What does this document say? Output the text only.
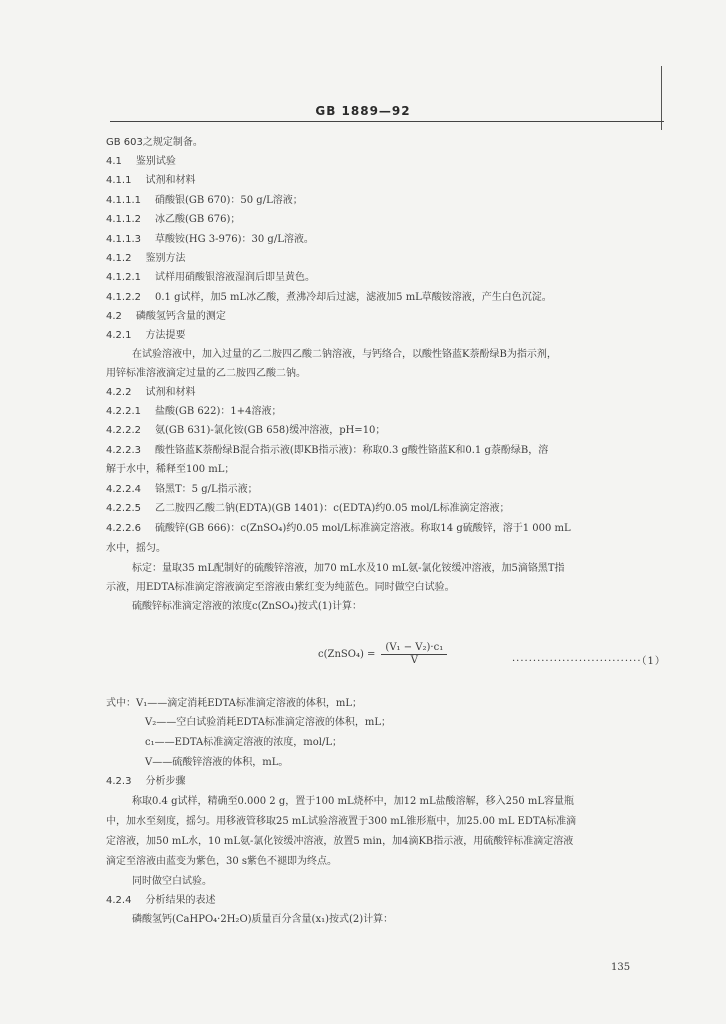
GB 1889—92
GB 603之规定制备。
4.1 鉴别试验
4.1.1 试剂和材料
4.1.1.1 硝酸银(GB 670)：50 g/L溶液；
4.1.1.2 冰乙酸(GB 676)；
4.1.1.3 草酸铵(HG 3-976)：30 g/L溶液。
4.1.2 鉴别方法
4.1.2.1 试样用硝酸银溶液湿润后即呈黄色。
4.1.2.2 0.1 g试样，加5 mL冰乙酸，煮沸冷却后过滤，滤液加5 mL草酸铵溶液，产生白色沉淀。
4.2 磷酸氢钙含量的测定
4.2.1 方法提要
在试验溶液中，加入过量的乙二胺四乙酸二钠溶液，与钙络合，以酸性铬蓝K萘酚绿B为指示剂，
用锌标准溶液滴定过量的乙二胺四乙酸二钠。
4.2.2 试剂和材料
4.2.2.1 盐酸(GB 622)：1+4溶液；
4.2.2.2 氨(GB 631)-氯化铵(GB 658)缓冲溶液，pH=10；
4.2.2.3 酸性铬蓝K萘酚绿B混合指示液(即KB指示液)：称取0.3 g酸性铬蓝K和0.1 g萘酚绿B，溶
解于水中，稀释至100 mL；
4.2.2.4 铬黑T：5 g/L指示液；
4.2.2.5 乙二胺四乙酸二钠(EDTA)(GB 1401)：c(EDTA)约0.05 mol/L标准滴定溶液；
4.2.2.6 硫酸锌(GB 666)：c(ZnSO₄)约0.05 mol/L标准滴定溶液。称取14 g硫酸锌，溶于1 000 mL
水中，摇匀。
标定：量取35 mL配制好的硫酸锌溶液，加70 mL水及10 mL氨-氯化铵缓冲溶液，加5滴铬黑T指
示液，用EDTA标准滴定溶液滴定至溶液由紫红变为纯蓝色。同时做空白试验。
硫酸锌标准滴定溶液的浓度c(ZnSO₄)按式(1)计算：
c(ZnSO₄) = $\frac{\text{(V₁ − V₂)·c₁}}{V}$	·······························（1）
式中：V₁——滴定消耗EDTA标准滴定溶液的体积，mL；
V₂——空白试验消耗EDTA标准滴定溶液的体积，mL；
c₁——EDTA标准滴定溶液的浓度，mol/L；
V——硫酸锌溶液的体积，mL。
4.2.3 分析步骤
称取0.4 g试样，精确至0.000 2 g，置于100 mL烧杯中，加12 mL盐酸溶解，移入250 mL容量瓶
中，加水至刻度，摇匀。用移液管移取25 mL试验溶液置于300 mL锥形瓶中，加25.00 mL EDTA标准滴
定溶液，加50 mL水，10 mL氨-氯化铵缓冲溶液，放置5 min，加4滴KB指示液，用硫酸锌标准滴定溶液
滴定至溶液由蓝变为紫色，30 s紫色不褪即为终点。
同时做空白试验。
4.2.4 分析结果的表述
磷酸氢钙(CaHPO₄·2H₂O)质量百分含量(x₁)按式(2)计算：
135
